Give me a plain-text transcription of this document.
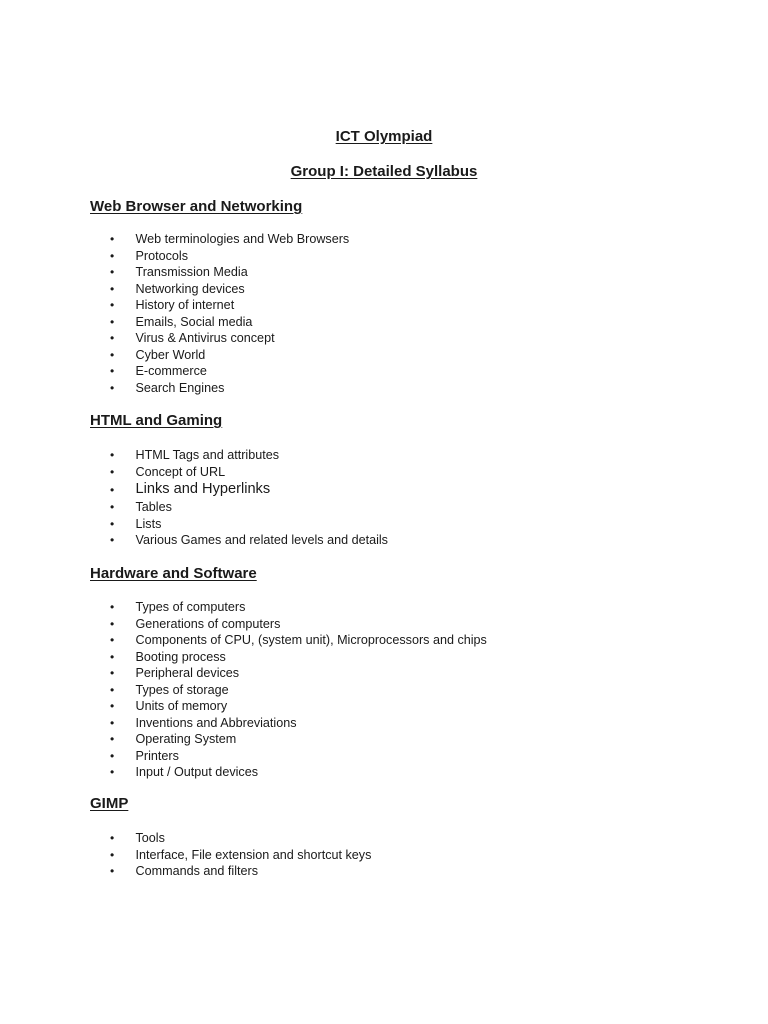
ICT Olympiad
Group I: Detailed Syllabus
Web Browser and Networking
• Web terminologies and Web Browsers
• Protocols
• Transmission Media
• Networking devices
• History of internet
• Emails, Social media
• Virus & Antivirus concept
• Cyber World
• E-commerce
• Search Engines
HTML and Gaming
• HTML Tags and attributes
• Concept of URL
• Links and Hyperlinks
• Tables
• Lists
• Various Games and related levels and details
Hardware and Software
• Types of computers
• Generations of computers
• Components of CPU, (system unit), Microprocessors and chips
• Booting process
• Peripheral devices
• Types of storage
• Units of memory
• Inventions and Abbreviations
• Operating System
• Printers
• Input / Output devices
GIMP
• Tools
• Interface, File extension and shortcut keys
• Commands and filters
